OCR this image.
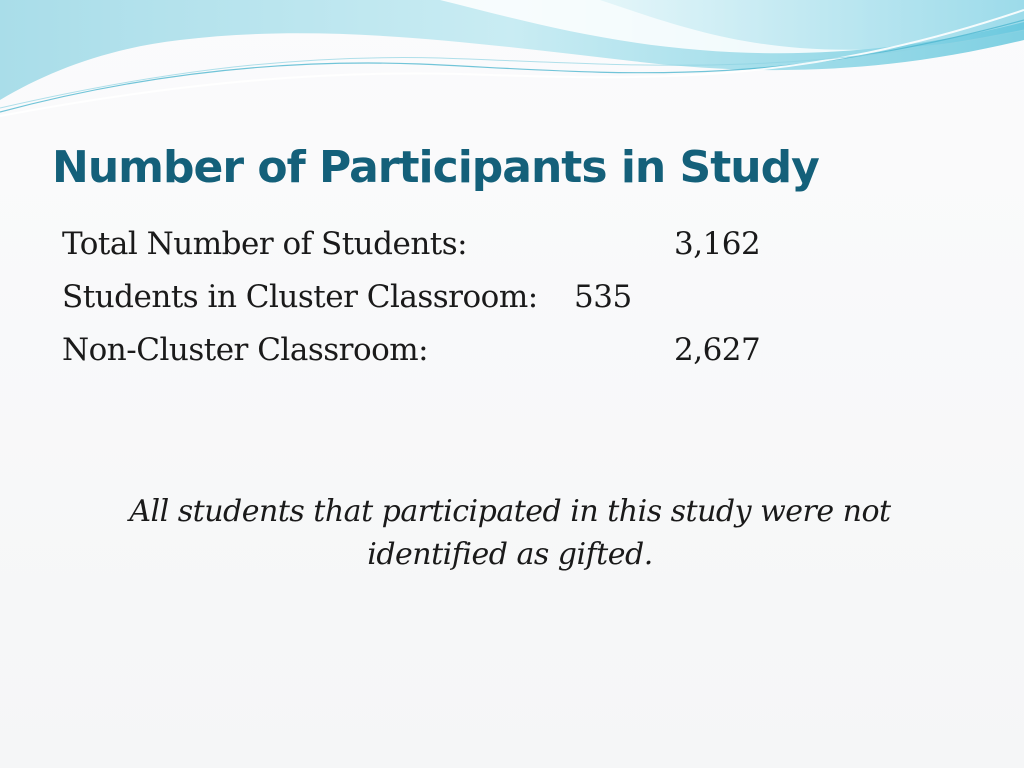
Number of Participants in Study
Total Number of Students:	3,162
Students in Cluster Classroom: 535
Non-Cluster Classroom:	2,627

All students that participated in this study were not identified as gifted.
